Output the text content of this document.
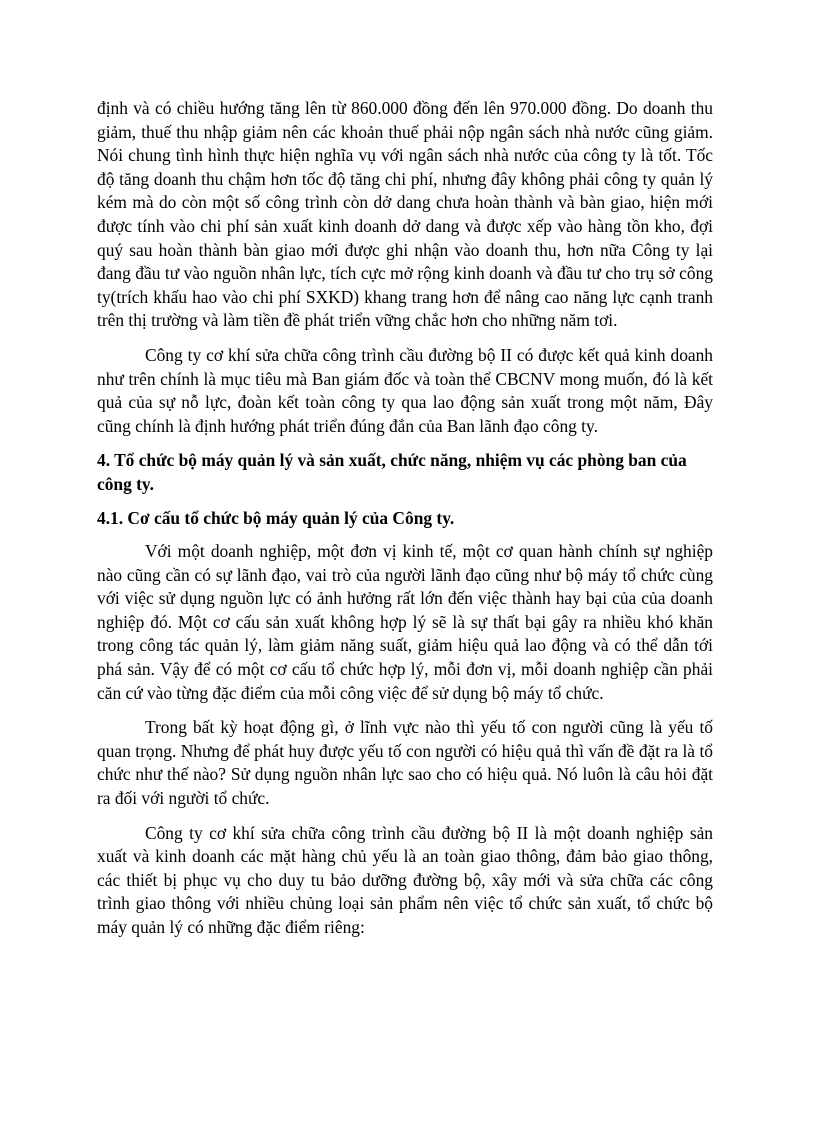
định và có chiều hướng tăng lên từ 860.000 đồng đến lên 970.000 đồng. Do doanh thu giảm, thuế thu nhập giảm nên các khoản thuế phải nộp ngân sách nhà nước cũng giảm. Nói chung tình hình thực hiện nghĩa vụ với ngân sách nhà nước của công ty là tốt. Tốc độ tăng doanh thu chậm hơn tốc độ tăng chi phí, nhưng đây không phải công ty quản lý kém mà do còn một số công trình còn dở dang chưa hoàn thành và bàn giao, hiện mới được tính vào chi phí sản xuất kinh doanh dở dang và được xếp vào hàng tồn kho, đợi quý sau hoàn thành bàn giao mới được ghi nhận vào doanh thu, hơn nữa Công ty lại đang đầu tư vào nguồn nhân lực, tích cực mở rộng kinh doanh và đầu tư cho trụ sở công ty(trích khấu hao vào chi phí SXKD) khang trang hơn để nâng cao năng lực cạnh tranh trên thị trường và làm tiền đề phát triển vững chắc hơn cho những năm tơi.

Công ty cơ khí sửa chữa công trình cầu đường bộ II có được kết quả kinh doanh như trên chính là mục tiêu mà Ban giám đốc và toàn thể CBCNV mong muốn, đó là kết quả của sự nỗ lực, đoàn kết toàn công ty qua lao động sản xuất trong một năm, Đây cũng chính là định hướng phát triển đúng đắn của Ban lãnh đạo công ty.

4. Tổ chức bộ máy quản lý và sản xuất, chức năng, nhiệm vụ các phòng ban của công ty.

4.1. Cơ cấu tổ chức bộ máy quản lý của Công ty.

Với một doanh nghiệp, một đơn vị kinh tế, một cơ quan hành chính sự nghiệp nào cũng cần có sự lãnh đạo, vai trò của người lãnh đạo cũng như bộ máy tổ chức cùng với việc sử dụng nguồn lực có ảnh hưởng rất lớn đến việc thành hay bại của của doanh nghiệp đó. Một cơ cấu sản xuất không hợp lý sẽ là sự thất bại gây ra nhiều khó khăn trong công tác quản lý, làm giảm năng suất, giảm hiệu quả lao động và có thể dẫn tới phá sản. Vậy để có một cơ cấu tổ chức hợp lý, mỗi đơn vị, mỗi doanh nghiệp cần phải căn cứ vào từng đặc điểm của mỗi công việc để sử dụng bộ máy tổ chức.

Trong bất kỳ hoạt động gì, ở lĩnh vực nào thì yếu tố con người cũng là yếu tố quan trọng. Nhưng để phát huy được yếu tố con người có hiệu quả thì vấn đề đặt ra là tổ chức như thế nào? Sử dụng nguồn nhân lực sao cho có hiệu quả. Nó luôn là câu hỏi đặt ra đối với người tổ chức.

Công ty cơ khí sửa chữa công trình cầu đường bộ II là một doanh nghiệp sản xuất và kinh doanh các mặt hàng chủ yếu là an toàn giao thông, đảm bảo giao thông, các thiết bị phục vụ cho duy tu bảo dưỡng đường bộ, xây mới và sửa chữa các công trình giao thông với nhiều chủng loại sản phẩm nên việc tổ chức sản xuất, tổ chức bộ máy quản lý có những đặc điểm riêng:
